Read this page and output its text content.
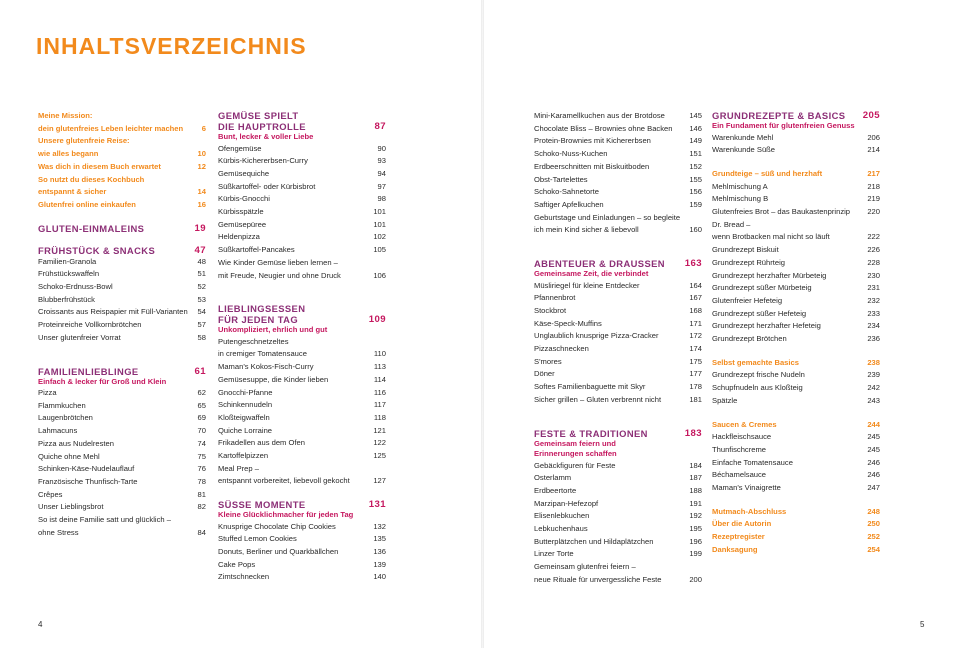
INHALTSVERZEICHNIS
Meine Mission:
dein glutenfreies Leben leichter machen	6
Unsere glutenfreie Reise:
wie alles begann	10
Was dich in diesem Buch erwartet	12
So nutzt du dieses Kochbuch
entspannt & sicher	14
Glutenfrei online einkaufen	16
GLUTEN-EINMALEINS	19
FRÜHSTÜCK & SNACKS	47
Familien-Granola	48
Frühstückswaffeln	51
Schoko-Erdnuss-Bowl	52
Blubberfrühstück	53
Croissants aus Reispapier mit Füll-Varianten	54
Proteinreiche Vollkornbrötchen	57
Unser glutenfreier Vorrat	58
FAMILIENLIEBLINGE	61
Einfach & lecker für Groß und Klein
Pizza	62
Flammkuchen	65
Laugenbrötchen	69
Lahmacuns	70
Pizza aus Nudelresten	74
Quiche ohne Mehl	75
Schinken-Käse-Nudelauflauf	76
Französische Thunfisch-Tarte	78
Crêpes	81
Unser Lieblingsbrot	82
So ist deine Familie satt und glücklich –
ohne Stress	84
GEMÜSE SPIELT
DIE HAUPTROLLE	87
Bunt, lecker & voller Liebe
Ofengemüse	90
Kürbis-Kichererbsen-Curry	93
Gemüsequiche	94
Süßkartoffel- oder Kürbisbrot	97
Kürbis-Gnocchi	98
Kürbisspätzle	101
Gemüsepüree	101
Heldenpizza	102
Süßkartoffel-Pancakes	105
Wie Kinder Gemüse lieben lernen –
mit Freude, Neugier und ohne Druck	106
LIEBLINGSESSEN
FÜR JEDEN TAG	109
Unkompliziert, ehrlich und gut
Putengeschnetzeltes
in cremiger Tomatensauce	110
Maman's Kokos-Fisch-Curry	113
Gemüsesuppe, die Kinder lieben	114
Gnocchi-Pfanne	116
Schinkennudeln	117
Kloßteigwaffeln	118
Quiche Lorraine	121
Frikadellen aus dem Ofen	122
Kartoffelpizzen	125
Meal Prep –
entspannt vorbereitet, liebevoll gekocht	127
SÜSSE MOMENTE	131
Kleine Glücklichmacher für jeden Tag
Knusprige Chocolate Chip Cookies	132
Stuffed Lemon Cookies	135
Donuts, Berliner und Quarkbällchen	136
Cake Pops	139
Zimtschnecken	140
Mini-Karamellkuchen aus der Brotdose	145
Chocolate Bliss – Brownies ohne Backen	146
Protein-Brownies mit Kichererbsen	149
Schoko-Nuss-Kuchen	151
Erdbeerschnitten mit Biskuitboden	152
Obst-Tartelettes	155
Schoko-Sahnetorte	156
Saftiger Apfelkuchen	159
Geburtstage und Einladungen – so begleite
ich mein Kind sicher & liebevoll	160
ABENTEUER & DRAUSSEN	163
Gemeinsame Zeit, die verbindet
Müsliriegel für kleine Entdecker	164
Pfannenbrot	167
Stockbrot	168
Käse-Speck-Muffins	171
Unglaublich knusprige Pizza-Cracker	172
Pizzaschnecken	174
S'mores	175
Döner	177
Softes Familienbaguette mit Skyr	178
Sicher grillen – Gluten verbrennt nicht	181
FESTE & TRADITIONEN	183
Gemeinsam feiern und
Erinnerungen schaffen
Gebäckfiguren für Feste	184
Osterlamm	187
Erdbeertorte	188
Marzipan-Hefezopf	191
Elisenlebkuchen	192
Lebkuchenhaus	195
Butterplätzchen und Hildaplätzchen	196
Linzer Torte	199
Gemeinsam glutenfrei feiern –
neue Rituale für unvergessliche Feste	200
GRUNDREZEPTE & BASICS	205
Ein Fundament für glutenfreien Genuss
Warenkunde Mehl	206
Warenkunde Süße	214
Grundteige – süß und herzhaft	217
Mehlmischung A	218
Mehlmischung B	219
Glutenfreies Brot – das Baukastenprinzip	220
Dr. Bread –
wenn Brotbacken mal nicht so läuft	222
Grundrezept Biskuit	226
Grundrezept Rührteig	228
Grundrezept herzhafter Mürbeteig	230
Grundrezept süßer Mürbeteig	231
Glutenfreier Hefeteig	232
Grundrezept süßer Hefeteig	233
Grundrezept herzhafter Hefeteig	234
Grundrezept Brötchen	236
Selbst gemachte Basics	238
Grundrezept frische Nudeln	239
Schupfnudeln aus Kloßteig	242
Spätzle	243
Saucen & Cremes	244
Hackfleischsauce	245
Thunfischcreme	245
Einfache Tomatensauce	246
Béchamelsauce	246
Maman's Vinaigrette	247
Mutmach-Abschluss	248
Über die Autorin	250
Rezeptregister	252
Danksagung	254
4	5
